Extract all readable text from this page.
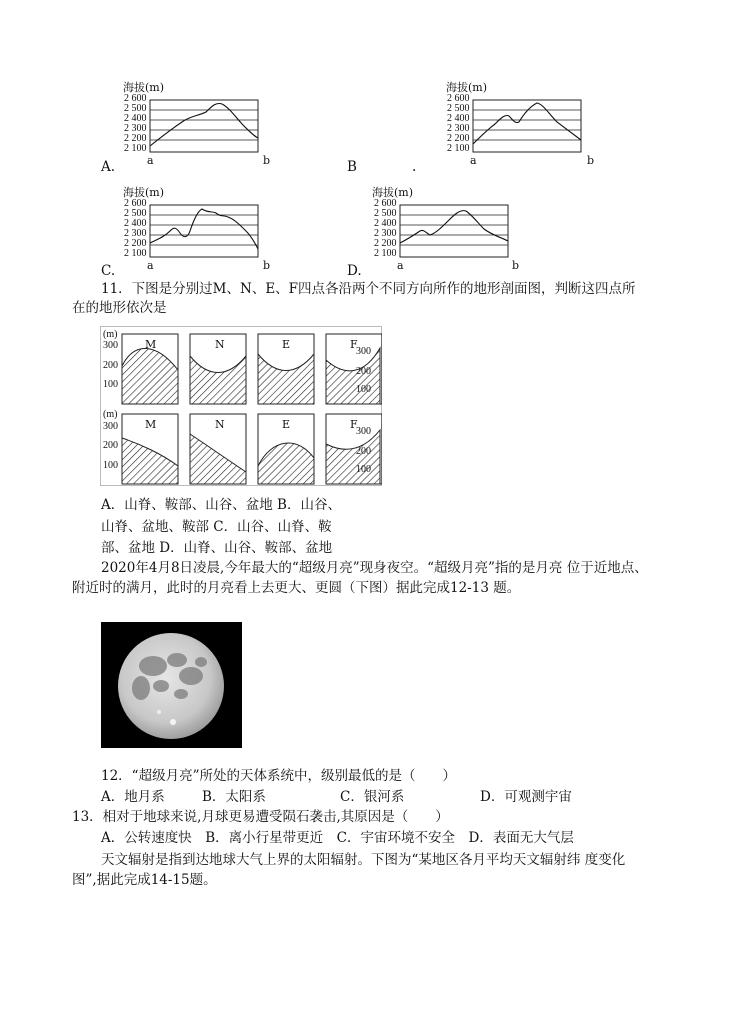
海拔(m)
2 600
2 500
2 400
2 300
2 200
2 100
a	b
A.
海拔(m)
2 600
2 500
2 400
2 300
2 200
2 100
a	b
B	.
海拔(m)
2 600
2 500
2 400
2 300
2 200
2 100
a	b
C.
海拔(m)
2 600
2 500
2 400
2 300
2 200
2 100
a	b
D.
11．下图是分别过M、N、E、F四点各沿两个不同方向所作的地形剖面图，判断这四点所
在的地形依次是
(m)
(m)
300
200
100
300
200
100
300
200
100
300
200
100
M	N	E	F
M	N	E	F
A．山脊、鞍部、山谷、盆地 B．山谷、
山脊、盆地、鞍部 C．山谷、山脊、鞍
部、盆地 D．山脊、山谷、鞍部、盆地
2020年4月8日凌晨,今年最大的“超级月亮”现身夜空。“超级月亮”指的是月亮 位于近地点、
附近时的满月，此时的月亮看上去更大、更圆（下图）据此完成12-13 题。
12．“超级月亮”所处的天体系统中，级别最低的是（　　）
A．地月系	B．太阳系	C．银河系	D．可观测宇宙
13．相对于地球来说,月球更易遭受陨石袭击,其原因是（　　）
A．公转速度快　B．离小行星带更近　C．宇宙环境不安全　D．表面无大气层
天文辐射是指到达地球大气上界的太阳辐射。下图为“某地区各月平均天文辐射纬 度变化
图”,据此完成14-15题。
